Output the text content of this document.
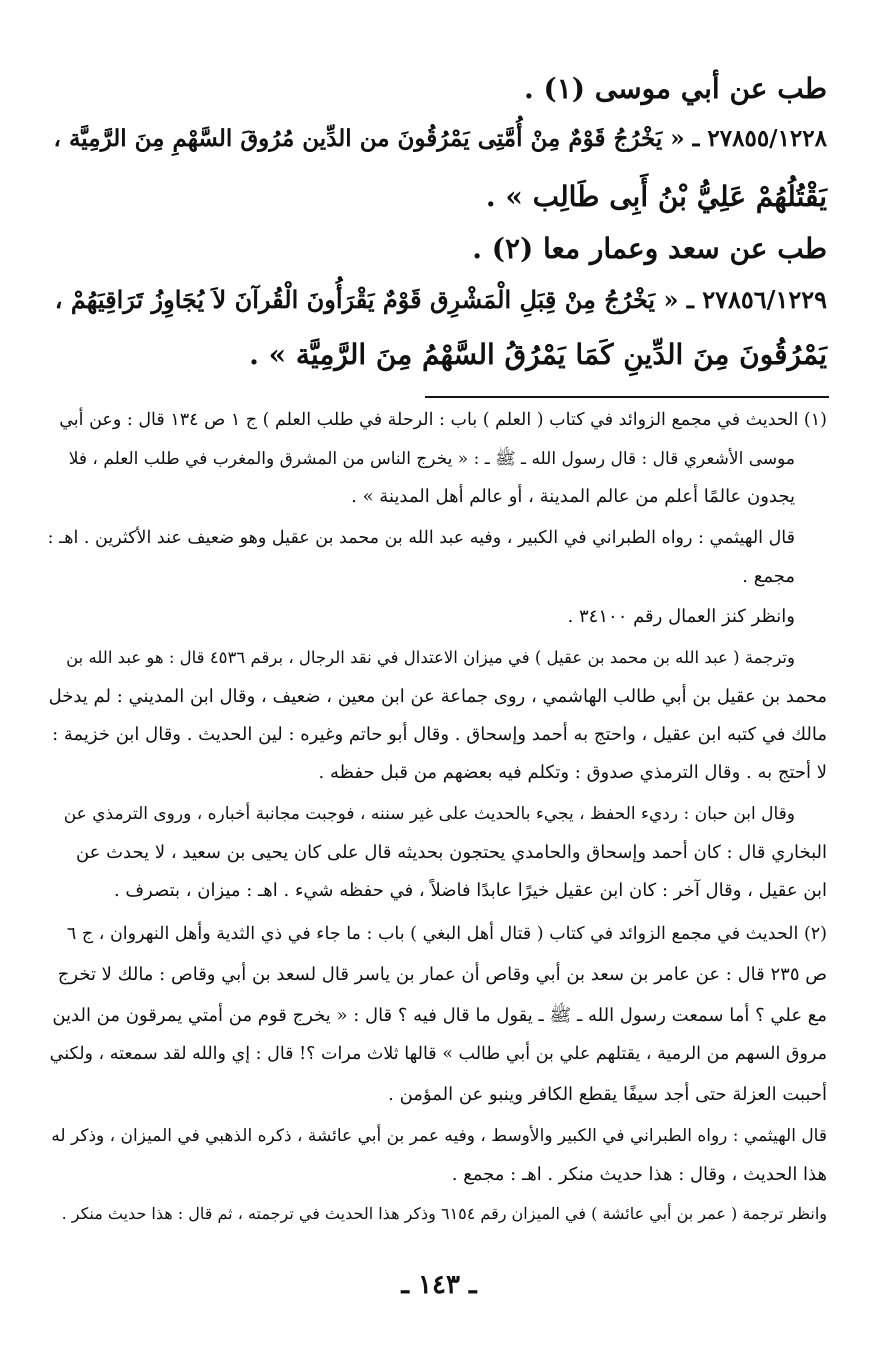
طب عن أبي موسى (١) .
٢٧٨٥٥/١٢٢٨ ـ « يَخْرُجُ قَوْمٌ مِنْ أُمَّتِى يَمْرُقُونَ من الدِّين مُرُوقَ السَّهْمِ مِنَ الرَّمِيَّة ،
يَقْتُلُهُمْ عَلِيُّ بْنُ أَبِى طَالِب » .
طب عن سعد وعمار معا (٢) .
٢٧٨٥٦/١٢٢٩ ـ « يَخْرُجُ مِنْ قِبَلِ الْمَشْرِق قَوْمٌ يَقْرَأُونَ الْقُرآنَ لاَ يُجَاوِزُ تَرَاقِيَهُمْ ،
يَمْرُقُونَ مِنَ الدِّينِ كَمَا يَمْرُقُ السَّهْمُ مِنَ الرَّمِيَّة » .
(١) الحديث في مجمع الزوائد في كتاب ( العلم ) باب : الرحلة في طلب العلم ) ج ١ ص ١٣٤ قال : وعن أبي
موسى الأشعري قال : قال رسول الله ـ ﷺ ـ : « يخرج الناس من المشرق والمغرب في طلب العلم ، فلا
يجدون عالمًا أعلم من عالم المدينة ، أو عالم أهل المدينة » .
قال الهيثمي : رواه الطبراني في الكبير ، وفيه عبد الله بن محمد بن عقيل وهو ضعيف عند الأكثرين . اهـ :
مجمع .
وانظر كنز العمال رقم ٣٤١٠٠ .
وترجمة ( عبد الله بن محمد بن عقيل ) في ميزان الاعتدال في نقد الرجال ، برقم ٤٥٣٦ قال : هو عبد الله بن
محمد بن عقيل بن أبي طالب الهاشمي ، روى جماعة عن ابن معين ، ضعيف ، وقال ابن المديني : لم يدخل
مالك في كتبه ابن عقيل ، واحتج به أحمد وإسحاق . وقال أبو حاتم وغيره : لين الحديث . وقال ابن خزيمة :
لا أحتج به . وقال الترمذي صدوق : وتكلم فيه بعضهم من قبل حفظه .
وقال ابن حبان : رديء الحفظ ، يجيء بالحديث على غير سننه ، فوجبت مجانبة أخباره ، وروى الترمذي عن
البخاري قال : كان أحمد وإسحاق والحامدي يحتجون بحديثه قال على كان يحيى بن سعيد ، لا يحدث عن
ابن عقيل ، وقال آخر : كان ابن عقيل خيرًا عابدًا فاضلاً ، في حفظه شيء . اهـ : ميزان ، بتصرف .
(٢) الحديث في مجمع الزوائد في كتاب ( قتال أهل البغي ) باب : ما جاء في ذي الثدية وأهل النهروان ، ج ٦
ص ٢٣٥ قال : عن عامر بن سعد بن أبي وقاص أن عمار بن ياسر قال لسعد بن أبي وقاص : مالك لا تخرج
مع علي ؟ أما سمعت رسول الله ـ ﷺ ـ يقول ما قال فيه ؟ قال : « يخرج قوم من أمتي يمرقون من الدين
مروق السهم من الرمية ، يقتلهم علي بن أبي طالب » قالها ثلاث مرات ؟! قال : إي والله لقد سمعته ، ولكني
أحببت العزلة حتى أجد سيفًا يقطع الكافر وينبو عن المؤمن .
قال الهيثمي : رواه الطبراني في الكبير والأوسط ، وفيه عمر بن أبي عائشة ، ذكره الذهبي في الميزان ، وذكر له
هذا الحديث ، وقال : هذا حديث منكر . اهـ : مجمع .
وانظر ترجمة ( عمر بن أبي عائشة ) في الميزان رقم ٦١٥٤ وذكر هذا الحديث في ترجمته ، ثم قال : هذا حديث منكر .
ـ ١٤٣ ـ
